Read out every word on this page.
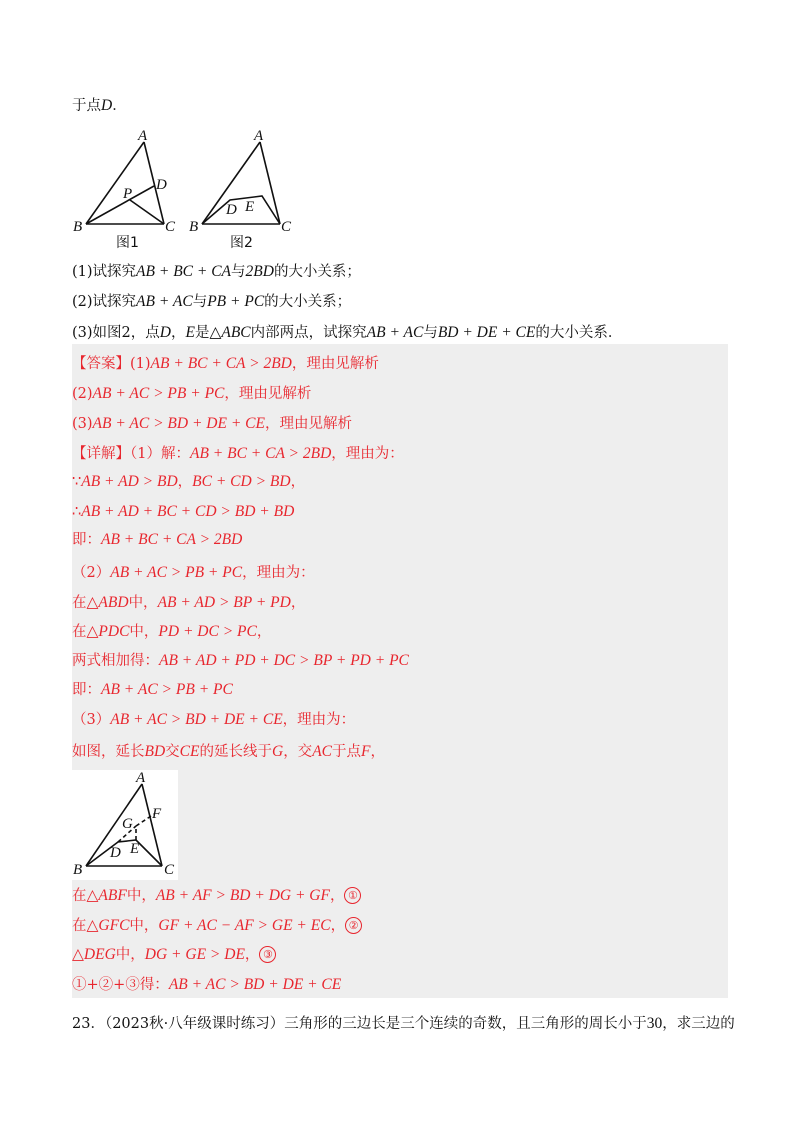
于点D．
A
B	C
D
P
图1
A
B	C
D E
图2
(1)试探究AB + BC + CA与2BD的大小关系；
(2)试探究AB + AC与PB + PC的大小关系；
(3)如图2，点D，E是△ABC内部两点，试探究AB + AC与BD + DE + CE的大小关系．
【答案】(1)AB + BC + CA > 2BD，理由见解析
(2)AB + AC > PB + PC，理由见解析
(3)AB + AC > BD + DE + CE，理由见解析
【详解】（1）解：AB + BC + CA > 2BD，理由为：
∵AB + AD > BD，BC + CD > BD，
∴AB + AD + BC + CD > BD + BD
即：AB + BC + CA > 2BD
（2）AB + AC > PB + PC，理由为：
在△ABD中，AB + AD > BP + PD，
在△PDC中，PD + DC > PC，
两式相加得：AB + AD + PD + DC > BP + PD + PC
即：AB + AC > PB + PC
（3）AB + AC > BD + DE + CE，理由为：
如图，延长BD交CE的延长线于G，交AC于点F，
A
B	C
D E
F
G
在△ABF中，AB + AF > BD + DG + GF， ①
在△GFC中，GF + AC − AF > GE + EC， ②
△DEG中，DG + GE > DE， ③
①+②+③得：AB + AC > BD + DE + CE
23．（2023秋·八年级课时练习）三角形的三边长是三个连续的奇数，且三角形的周长小于30，求三边的
